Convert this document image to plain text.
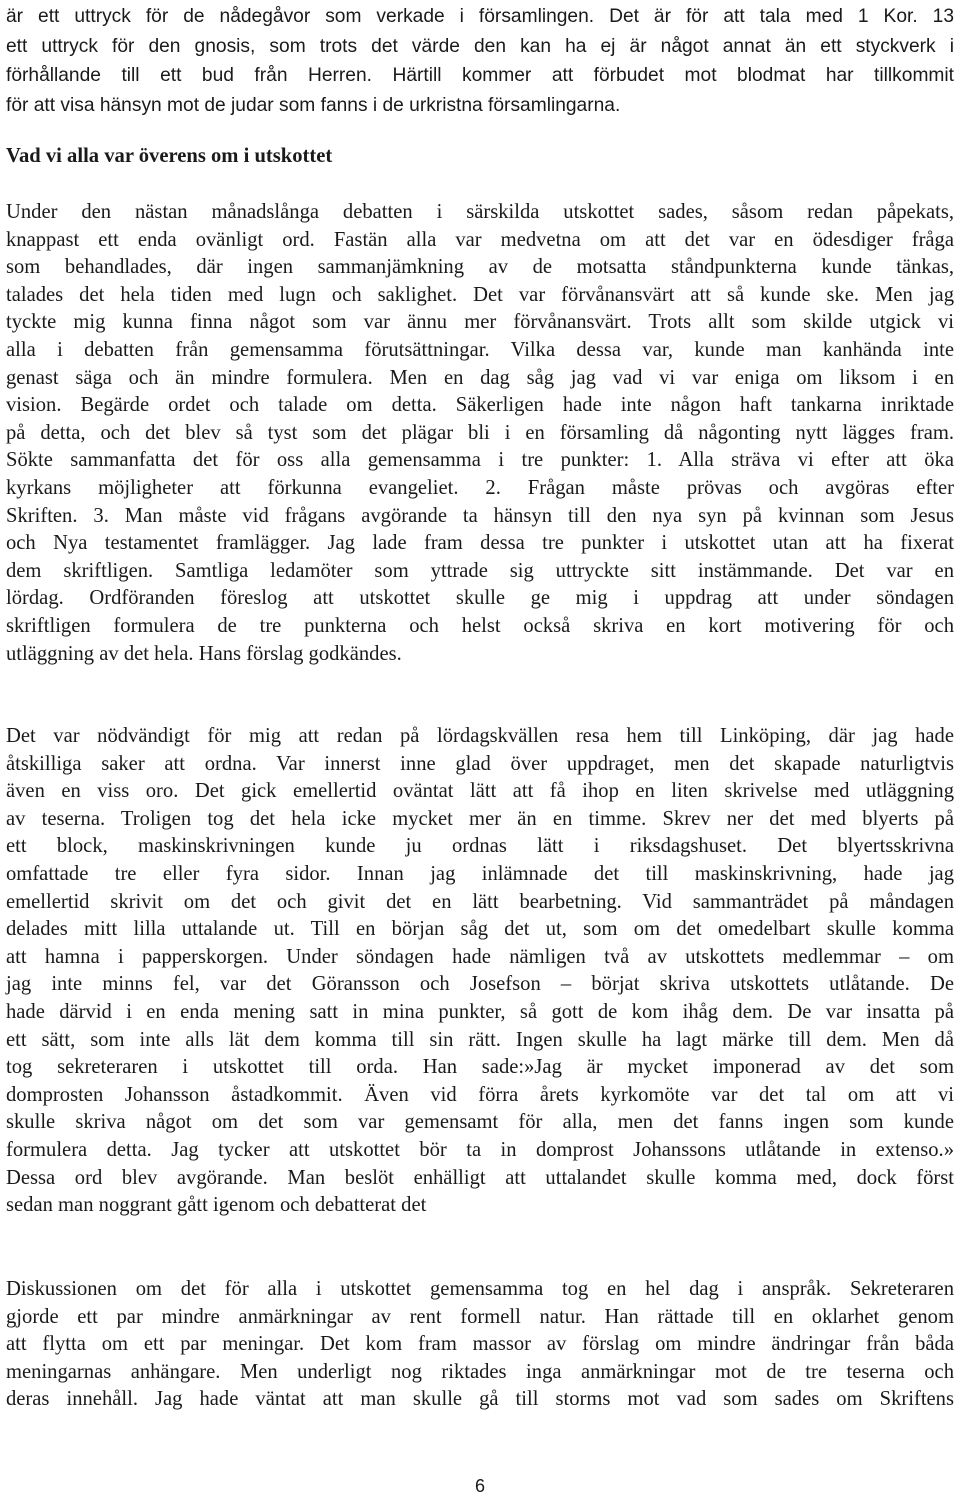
är ett uttryck för de nådegåvor som verkade i församlingen. Det är för att tala med 1 Kor. 13
ett uttryck för den gnosis, som trots det värde den kan ha ej är något annat än ett styckverk i
förhållande till ett bud från Herren. Härtill kommer att förbudet mot blodmat har tillkommit
för att visa hänsyn mot de judar som fanns i de urkristna församlingarna.
Vad vi alla var överens om i utskottet
Under den nästan månadslånga debatten i särskilda utskottet sades, såsom redan påpekats,
knappast ett enda ovänligt ord. Fastän alla var medvetna om att det var en ödesdiger fråga
som behandlades, där ingen sammanjämkning av de motsatta ståndpunkterna kunde tänkas,
talades det hela tiden med lugn och saklighet. Det var förvånansvärt att så kunde ske. Men jag
tyckte mig kunna finna något som var ännu mer förvånansvärt. Trots allt som skilde utgick vi
alla i debatten från gemensamma förutsättningar. Vilka dessa var, kunde man kanhända inte
genast säga och än mindre formulera. Men en dag såg jag vad vi var eniga om liksom i en
vision. Begärde ordet och talade om detta. Säkerligen hade inte någon haft tankarna inriktade
på detta, och det blev så tyst som det plägar bli i en församling då någonting nytt lägges fram.
Sökte sammanfatta det för oss alla gemensamma i tre punkter: 1. Alla sträva vi efter att öka
kyrkans möjligheter att förkunna evangeliet. 2. Frågan måste prövas och avgöras efter
Skriften. 3. Man måste vid frågans avgörande ta hänsyn till den nya syn på kvinnan som Jesus
och Nya testamentet framlägger. Jag lade fram dessa tre punkter i utskottet utan att ha fixerat
dem skriftligen. Samtliga ledamöter som yttrade sig uttryckte sitt instämmande. Det var en
lördag. Ordföranden föreslog att utskottet skulle ge mig i uppdrag att under söndagen
skriftligen formulera de tre punkterna och helst också skriva en kort motivering för och
utläggning av det hela. Hans förslag godkändes.
Det var nödvändigt för mig att redan på lördagskvällen resa hem till Linköping, där jag hade
åtskilliga saker att ordna. Var innerst inne glad över uppdraget, men det skapade naturligtvis
även en viss oro. Det gick emellertid oväntat lätt att få ihop en liten skrivelse med utläggning
av teserna. Troligen tog det hela icke mycket mer än en timme. Skrev ner det med blyerts på
ett block, maskinskrivningen kunde ju ordnas lätt i riksdagshuset. Det blyertsskrivna
omfattade tre eller fyra sidor. Innan jag inlämnade det till maskinskrivning, hade jag
emellertid skrivit om det och givit det en lätt bearbetning. Vid sammanträdet på måndagen
delades mitt lilla uttalande ut. Till en början såg det ut, som om det omedelbart skulle komma
att hamna i papperskorgen. Under söndagen hade nämligen två av utskottets medlemmar – om
jag inte minns fel, var det Göransson och Josefson – börjat skriva utskottets utlåtande. De
hade därvid i en enda mening satt in mina punkter, så gott de kom ihåg dem. De var insatta på
ett sätt, som inte alls lät dem komma till sin rätt. Ingen skulle ha lagt märke till dem. Men då
tog sekreteraren i utskottet till orda. Han sade:»Jag är mycket imponerad av det som
domprosten Johansson åstadkommit. Även vid förra årets kyrkomöte var det tal om att vi
skulle skriva något om det som var gemensamt för alla, men det fanns ingen som kunde
formulera detta. Jag tycker att utskottet bör ta in domprost Johanssons utlåtande in extenso.»
Dessa ord blev avgörande. Man beslöt enhälligt att uttalandet skulle komma med, dock först
sedan man noggrant gått igenom och debatterat det
Diskussionen om det för alla i utskottet gemensamma tog en hel dag i anspråk. Sekreteraren
gjorde ett par mindre anmärkningar av rent formell natur. Han rättade till en oklarhet genom
att flytta om ett par meningar. Det kom fram massor av förslag om mindre ändringar från båda
meningarnas anhängare. Men underligt nog riktades inga anmärkningar mot de tre teserna och
deras innehåll. Jag hade väntat att man skulle gå till storms mot vad som sades om Skriftens
6
